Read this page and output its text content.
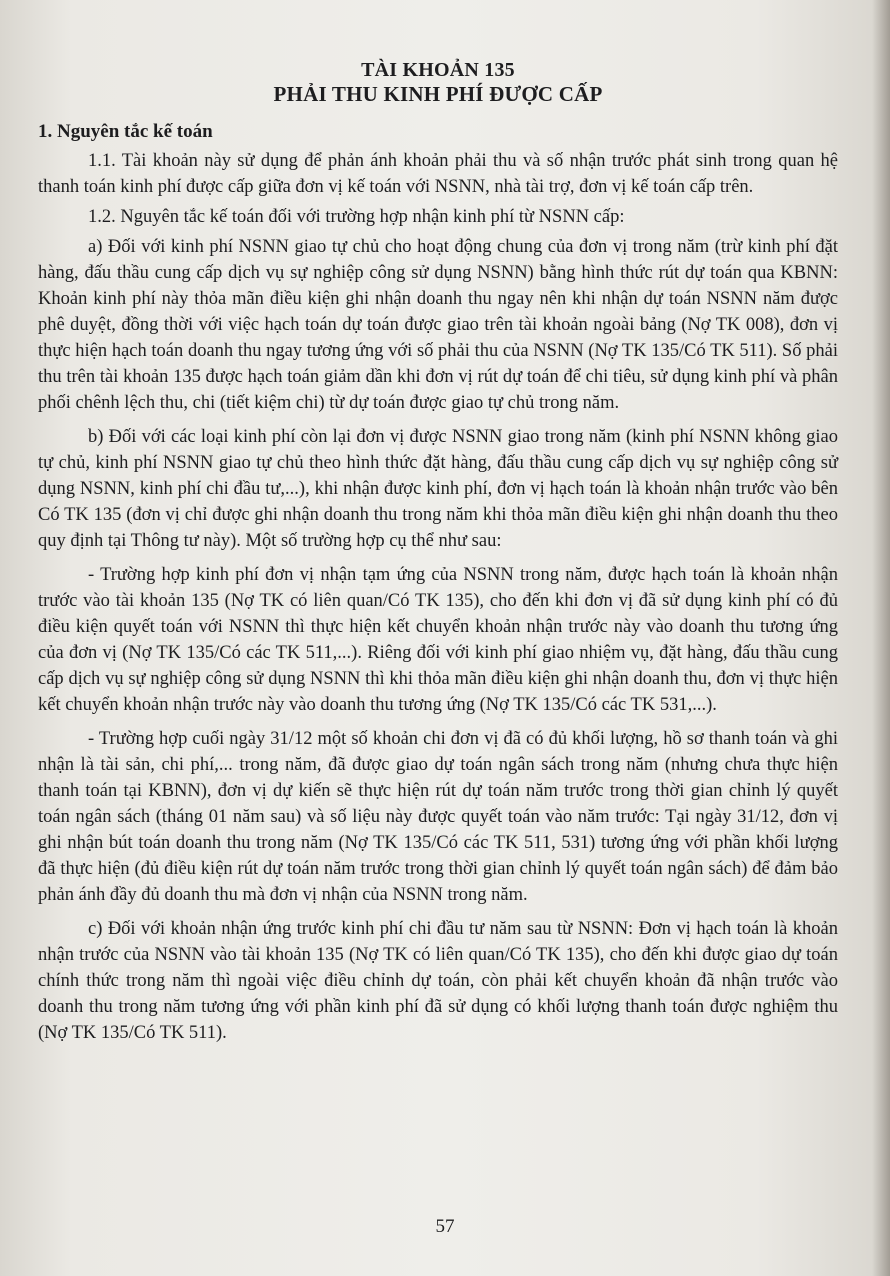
TÀI KHOẢN 135
PHẢI THU KINH PHÍ ĐƯỢC CẤP
1. Nguyên tắc kế toán

1.1. Tài khoản này sử dụng để phản ánh khoản phải thu và số nhận trước phát sinh trong quan hệ thanh toán kinh phí được cấp giữa đơn vị kế toán với NSNN, nhà tài trợ, đơn vị kế toán cấp trên.

1.2. Nguyên tắc kế toán đối với trường hợp nhận kinh phí từ NSNN cấp:

a) Đối với kinh phí NSNN giao tự chủ cho hoạt động chung của đơn vị trong năm (trừ kinh phí đặt hàng, đấu thầu cung cấp dịch vụ sự nghiệp công sử dụng NSNN) bằng hình thức rút dự toán qua KBNN: Khoản kinh phí này thỏa mãn điều kiện ghi nhận doanh thu ngay nên khi nhận dự toán NSNN năm được phê duyệt, đồng thời với việc hạch toán dự toán được giao trên tài khoản ngoài bảng (Nợ TK 008), đơn vị thực hiện hạch toán doanh thu ngay tương ứng với số phải thu của NSNN (Nợ TK 135/Có TK 511). Số phải thu trên tài khoản 135 được hạch toán giảm dần khi đơn vị rút dự toán để chi tiêu, sử dụng kinh phí và phân phối chênh lệch thu, chi (tiết kiệm chi) từ dự toán được giao tự chủ trong năm.

b) Đối với các loại kinh phí còn lại đơn vị được NSNN giao trong năm (kinh phí NSNN không giao tự chủ, kinh phí NSNN giao tự chủ theo hình thức đặt hàng, đấu thầu cung cấp dịch vụ sự nghiệp công sử dụng NSNN, kinh phí chi đầu tư,...), khi nhận được kinh phí, đơn vị hạch toán là khoản nhận trước vào bên Có TK 135 (đơn vị chỉ được ghi nhận doanh thu trong năm khi thỏa mãn điều kiện ghi nhận doanh thu theo quy định tại Thông tư này). Một số trường hợp cụ thể như sau:

- Trường hợp kinh phí đơn vị nhận tạm ứng của NSNN trong năm, được hạch toán là khoản nhận trước vào tài khoản 135 (Nợ TK có liên quan/Có TK 135), cho đến khi đơn vị đã sử dụng kinh phí có đủ điều kiện quyết toán với NSNN thì thực hiện kết chuyển khoản nhận trước này vào doanh thu tương ứng của đơn vị (Nợ TK 135/Có các TK 511,...). Riêng đối với kinh phí giao nhiệm vụ, đặt hàng, đấu thầu cung cấp dịch vụ sự nghiệp công sử dụng NSNN thì khi thỏa mãn điều kiện ghi nhận doanh thu, đơn vị thực hiện kết chuyển khoản nhận trước này vào doanh thu tương ứng (Nợ TK 135/Có các TK 531,...).

- Trường hợp cuối ngày 31/12 một số khoản chi đơn vị đã có đủ khối lượng, hồ sơ thanh toán và ghi nhận là tài sản, chi phí,... trong năm, đã được giao dự toán ngân sách trong năm (nhưng chưa thực hiện thanh toán tại KBNN), đơn vị dự kiến sẽ thực hiện rút dự toán năm trước trong thời gian chỉnh lý quyết toán ngân sách (tháng 01 năm sau) và số liệu này được quyết toán vào năm trước: Tại ngày 31/12, đơn vị ghi nhận bút toán doanh thu trong năm (Nợ TK 135/Có các TK 511, 531) tương ứng với phần khối lượng đã thực hiện (đủ điều kiện rút dự toán năm trước trong thời gian chỉnh lý quyết toán ngân sách) để đảm bảo phản ánh đầy đủ doanh thu mà đơn vị nhận của NSNN trong năm.

c) Đối với khoản nhận ứng trước kinh phí chi đầu tư năm sau từ NSNN: Đơn vị hạch toán là khoản nhận trước của NSNN vào tài khoản 135 (Nợ TK có liên quan/Có TK 135), cho đến khi được giao dự toán chính thức trong năm thì ngoài việc điều chỉnh dự toán, còn phải kết chuyển khoản đã nhận trước vào doanh thu trong năm tương ứng với phần kinh phí đã sử dụng có khối lượng thanh toán được nghiệm thu (Nợ TK 135/Có TK 511).

57
